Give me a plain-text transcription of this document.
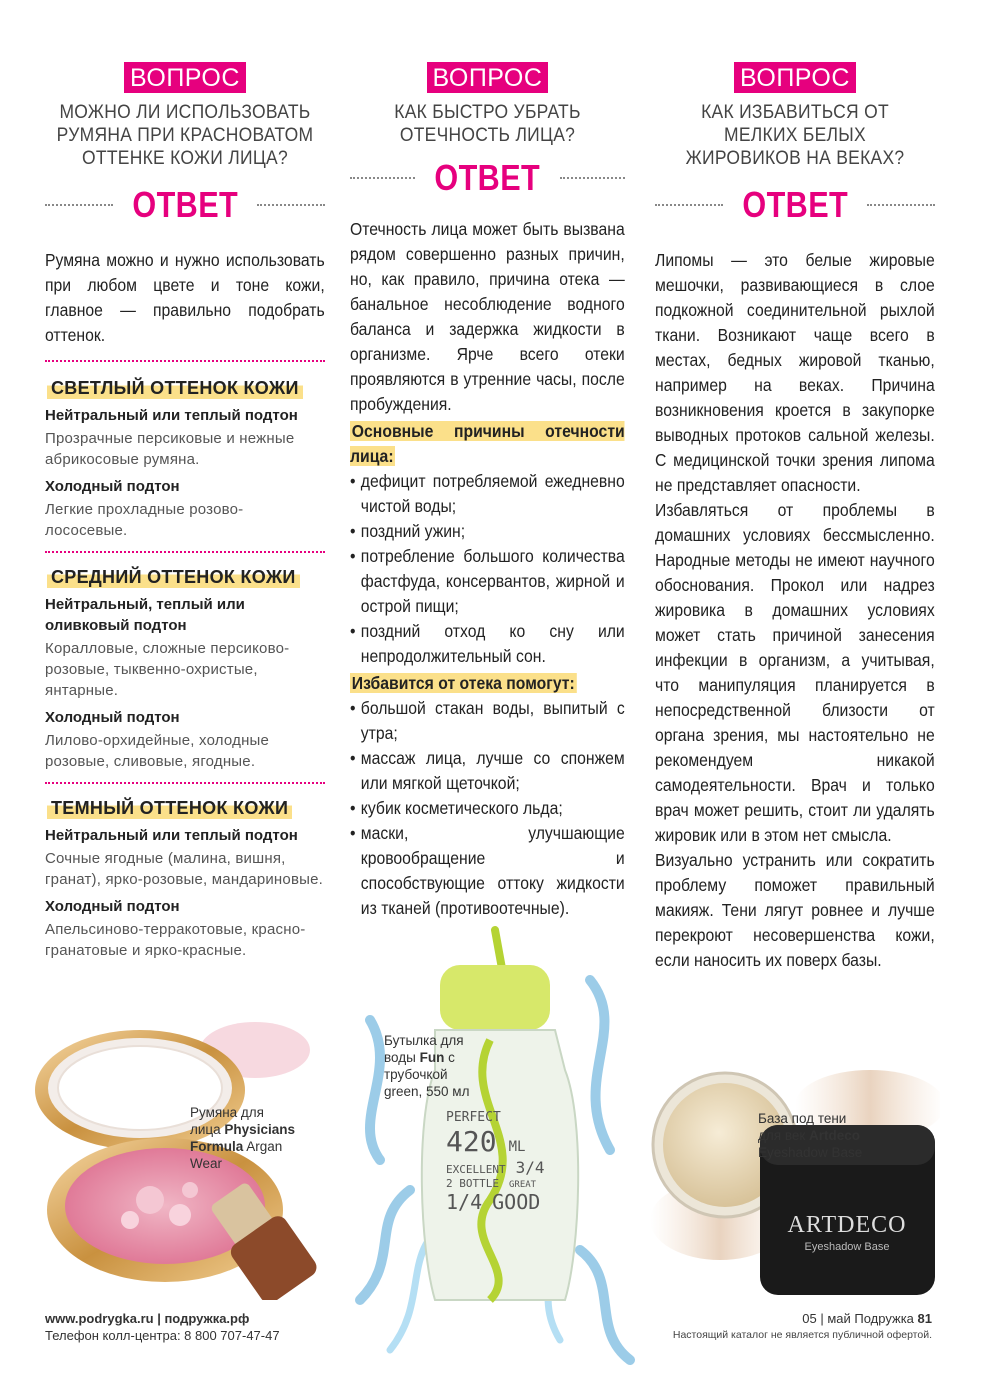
ВОПРОС
МОЖНО ЛИ ИСПОЛЬЗОВАТЬ РУМЯНА ПРИ КРАСНОВАТОМ ОТТЕНКЕ КОЖИ ЛИЦА?
ОТВЕТ
Румяна можно и нужно использовать при любом цвете и тоне кожи, главное — правильно подобрать оттенок.
СВЕТЛЫЙ ОТТЕНОК КОЖИ
Нейтральный или теплый подтон
Прозрачные персиковые и нежные абрикосовые румяна.
Холодный подтон
Легкие прохладные розово-лососевые.
СРЕДНИЙ ОТТЕНОК КОЖИ
Нейтральный, теплый или оливковый подтон
Коралловые, сложные персиково-розовые, тыквенно-охристые, янтарные.
Холодный подтон
Лилово-орхидейные, холодные розовые, сливовые, ягодные.
ТЕМНЫЙ ОТТЕНОК КОЖИ
Нейтральный или теплый подтон
Сочные ягодные (малина, вишня, гранат), ярко-розовые, мандариновые.
Холодный подтон
Апельсиново-терракотовые, красно-гранатовые и ярко-красные.
Румяна для лица Physicians Formula Argan Wear
ВОПРОС
КАК БЫСТРО УБРАТЬ ОТЕЧНОСТЬ ЛИЦА?
ОТВЕТ
Отечность лица может быть вызвана рядом совершенно разных причин, но, как правило, причина отека — банальное несоблюдение водного баланса и задержка жидкости в организме. Ярче всего отеки проявляются в утренние часы, после пробуждения.
Основные причины отечности лица:
• дефицит потребляемой ежедневно чистой воды;
• поздний ужин;
• потребление большого количества фастфуда, консервантов, жирной и острой пищи;
• поздний отход ко сну или непродолжительный сон.
Избавится от отека помогут:
• большой стакан воды, выпитый с утра;
• массаж лица, лучше со спонжем или мягкой щеточкой;
• кубик косметического льда;
• маски, улучшающие кровообращение и способствующие оттоку жидкости из тканей (противоотечные).
Бутылка для воды Fun с трубочкой green, 550 мл
PERFECT
420 ML
EXCELLENT 3/4
2 BOTTLE GREAT
1/4 GOOD
ВОПРОС
КАК ИЗБАВИТЬСЯ ОТ МЕЛКИХ БЕЛЫХ ЖИРОВИКОВ НА ВЕКАХ?
ОТВЕТ
Липомы — это белые жировые мешочки, развивающиеся в слое подкожной соединительной рыхлой ткани. Возникают чаще всего в местах, бедных жировой тканью, например на веках. Причина возникновения кроется в закупорке выводных протоков сальной железы. С медицинской точки зрения липома не представляет опасности.
Избавляться от проблемы в домашних условиях бессмысленно. Народные методы не имеют научного обоснования. Прокол или надрез жировика в домашних условиях может стать причиной занесения инфекции в организм, а учитывая, что манипуляция планируется в непосредственной близости от органа зрения, мы настоятельно не рекомендуем никакой самодеятельности. Врач и только врач может решить, стоит ли удалять жировик или в этом нет смысла.
Визуально устранить или сократить проблему поможет правильный макияж. Тени лягут ровнее и лучше перекроют несовершенства кожи, если наносить их поверх базы.
ARTDECO
Eyeshadow Base
База под тени для век Artdeco Eyeshadow Base
www.podrygka.ru | подружка.рф
Телефон колл-центра: 8 800 707-47-47
05 | май Подружка 81
Настоящий каталог не является публичной офертой.
